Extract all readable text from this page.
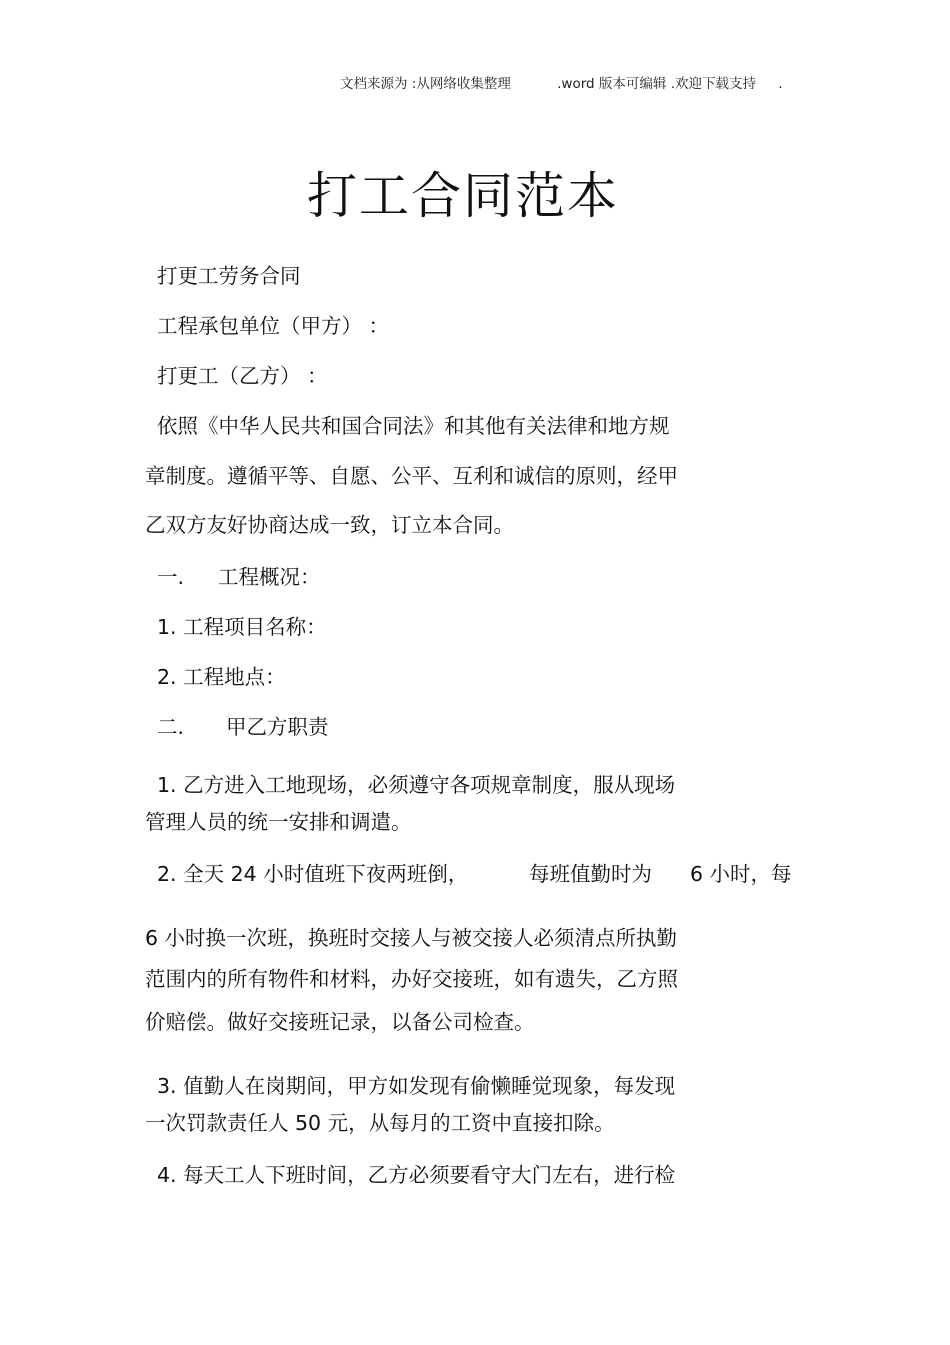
文档来源为 :从网络收集整理	.word 版本可编辑 .欢迎下载支持 .
打工合同范本
打更工劳务合同
工程承包单位（甲方） ：
打更工（乙方） ：
依照《中华人民共和国合同法》和其他有关法律和地方规
章制度。遵循平等、自愿、公平、互利和诚信的原则，经甲
乙双方友好协商达成一致，订立本合同。
一. 工程概况：
1. 工程项目名称：
2. 工程地点：
二. 甲乙方职责
1. 乙方进入工地现场，必须遵守各项规章制度，服从现场
管理人员的统一安排和调遣。
2. 全天 24 小时值班下夜两班倒，	每班值勤时为 6 小时，每
6 小时换一次班，换班时交接人与被交接人必须清点所执勤
范围内的所有物件和材料，办好交接班，如有遗失，乙方照
价赔偿。做好交接班记录，以备公司检查。
3. 值勤人在岗期间，甲方如发现有偷懒睡觉现象，每发现
一次罚款责任人 50 元，从每月的工资中直接扣除。
4. 每天工人下班时间，乙方必须要看守大门左右，进行检
